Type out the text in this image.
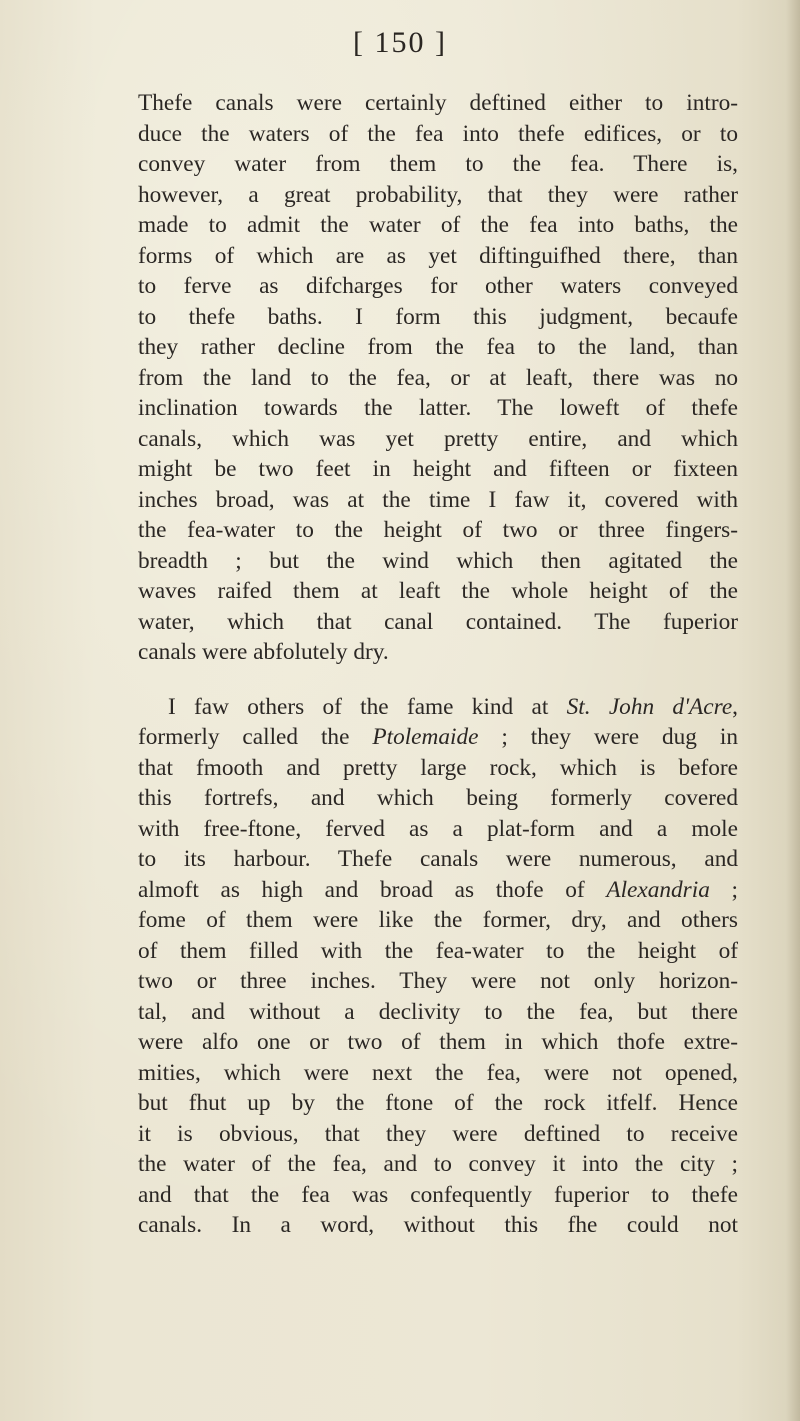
[ 150 ]
Thefe canals were certainly deftined either to intro-
duce the waters of the fea into thefe edifices, or to
convey water from them to the fea. There is,
however, a great probability, that they were rather
made to admit the water of the fea into baths, the
forms of which are as yet diftinguifhed there, than
to ferve as difcharges for other waters conveyed
to thefe baths. I form this judgment, becaufe
they rather decline from the fea to the land, than
from the land to the fea, or at leaft, there was no
inclination towards the latter. The loweft of thefe
canals, which was yet pretty entire, and which
might be two feet in height and fifteen or fixteen
inches broad, was at the time I faw it, covered with
the fea-water to the height of two or three fingers-
breadth ; but the wind which then agitated the
waves raifed them at leaft the whole height of the
water, which that canal contained. The fuperior
canals were abfolutely dry.
I faw others of the fame kind at St. John d'Acre,
formerly called the Ptolemaide ; they were dug in
that fmooth and pretty large rock, which is before
this fortrefs, and which being formerly covered
with free-ftone, ferved as a plat-form and a mole
to its harbour. Thefe canals were numerous, and
almoft as high and broad as thofe of Alexandria ;
fome of them were like the former, dry, and others
of them filled with the fea-water to the height of
two or three inches. They were not only horizon-
tal, and without a declivity to the fea, but there
were alfo one or two of them in which thofe extre-
mities, which were next the fea, were not opened,
but fhut up by the ftone of the rock itfelf. Hence
it is obvious, that they were deftined to receive
the water of the fea, and to convey it into the city ;
and that the fea was confequently fuperior to thefe
canals. In a word, without this fhe could not
